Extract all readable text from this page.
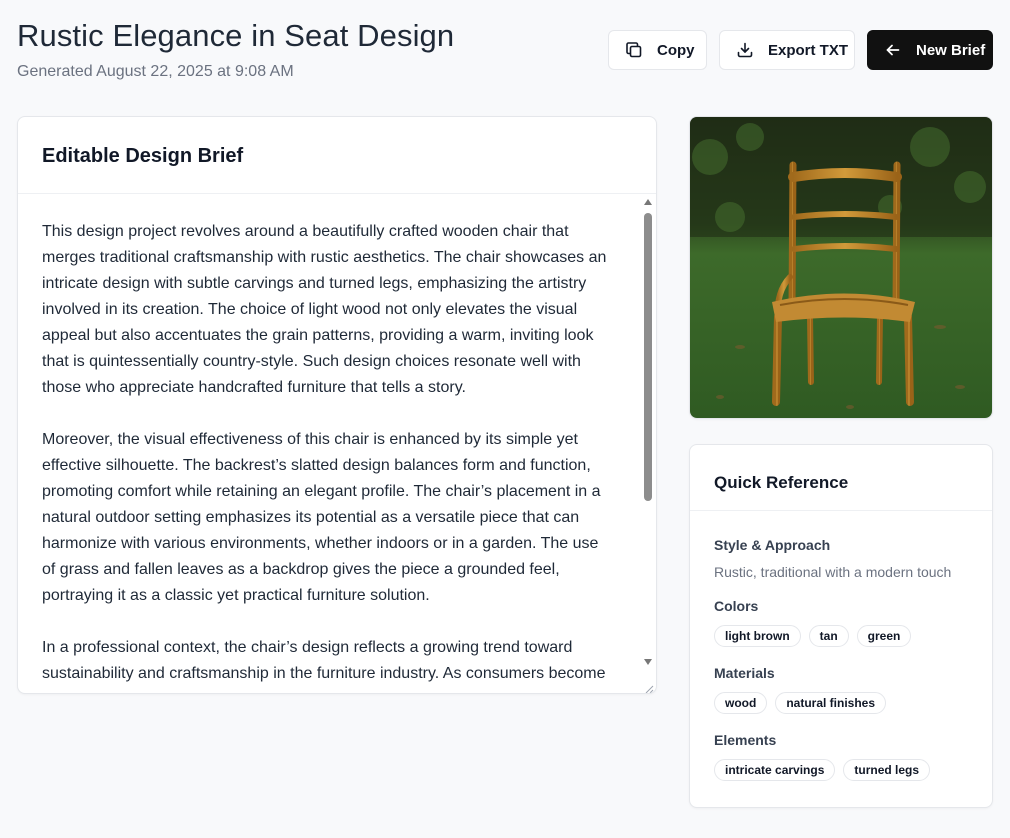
Rustic Elegance in Seat Design
Generated August 22, 2025 at 9:08 AM
Copy	Export TXT	New Brief
Editable Design Brief

This design project revolves around a beautifully crafted wooden chair that merges traditional craftsmanship with rustic aesthetics. The chair showcases an intricate design with subtle carvings and turned legs, emphasizing the artistry involved in its creation. The choice of light wood not only elevates the visual appeal but also accentuates the grain patterns, providing a warm, inviting look that is quintessentially country-style. Such design choices resonate well with those who appreciate handcrafted furniture that tells a story.

Moreover, the visual effectiveness of this chair is enhanced by its simple yet effective silhouette. The backrest’s slatted design balances form and function, promoting comfort while retaining an elegant profile. The chair’s placement in a natural outdoor setting emphasizes its potential as a versatile piece that can harmonize with various environments, whether indoors or in a garden. The use of grass and fallen leaves as a backdrop gives the piece a grounded feel, portraying it as a classic yet practical furniture solution.

In a professional context, the chair’s design reflects a growing trend toward sustainability and craftsmanship in the furniture industry. As consumers become

Quick Reference

Style & Approach

Rustic, traditional with a modern touch

Colors

light brown	tan	green

Materials

wood	natural finishes

Elements

intricate carvings	turned legs
